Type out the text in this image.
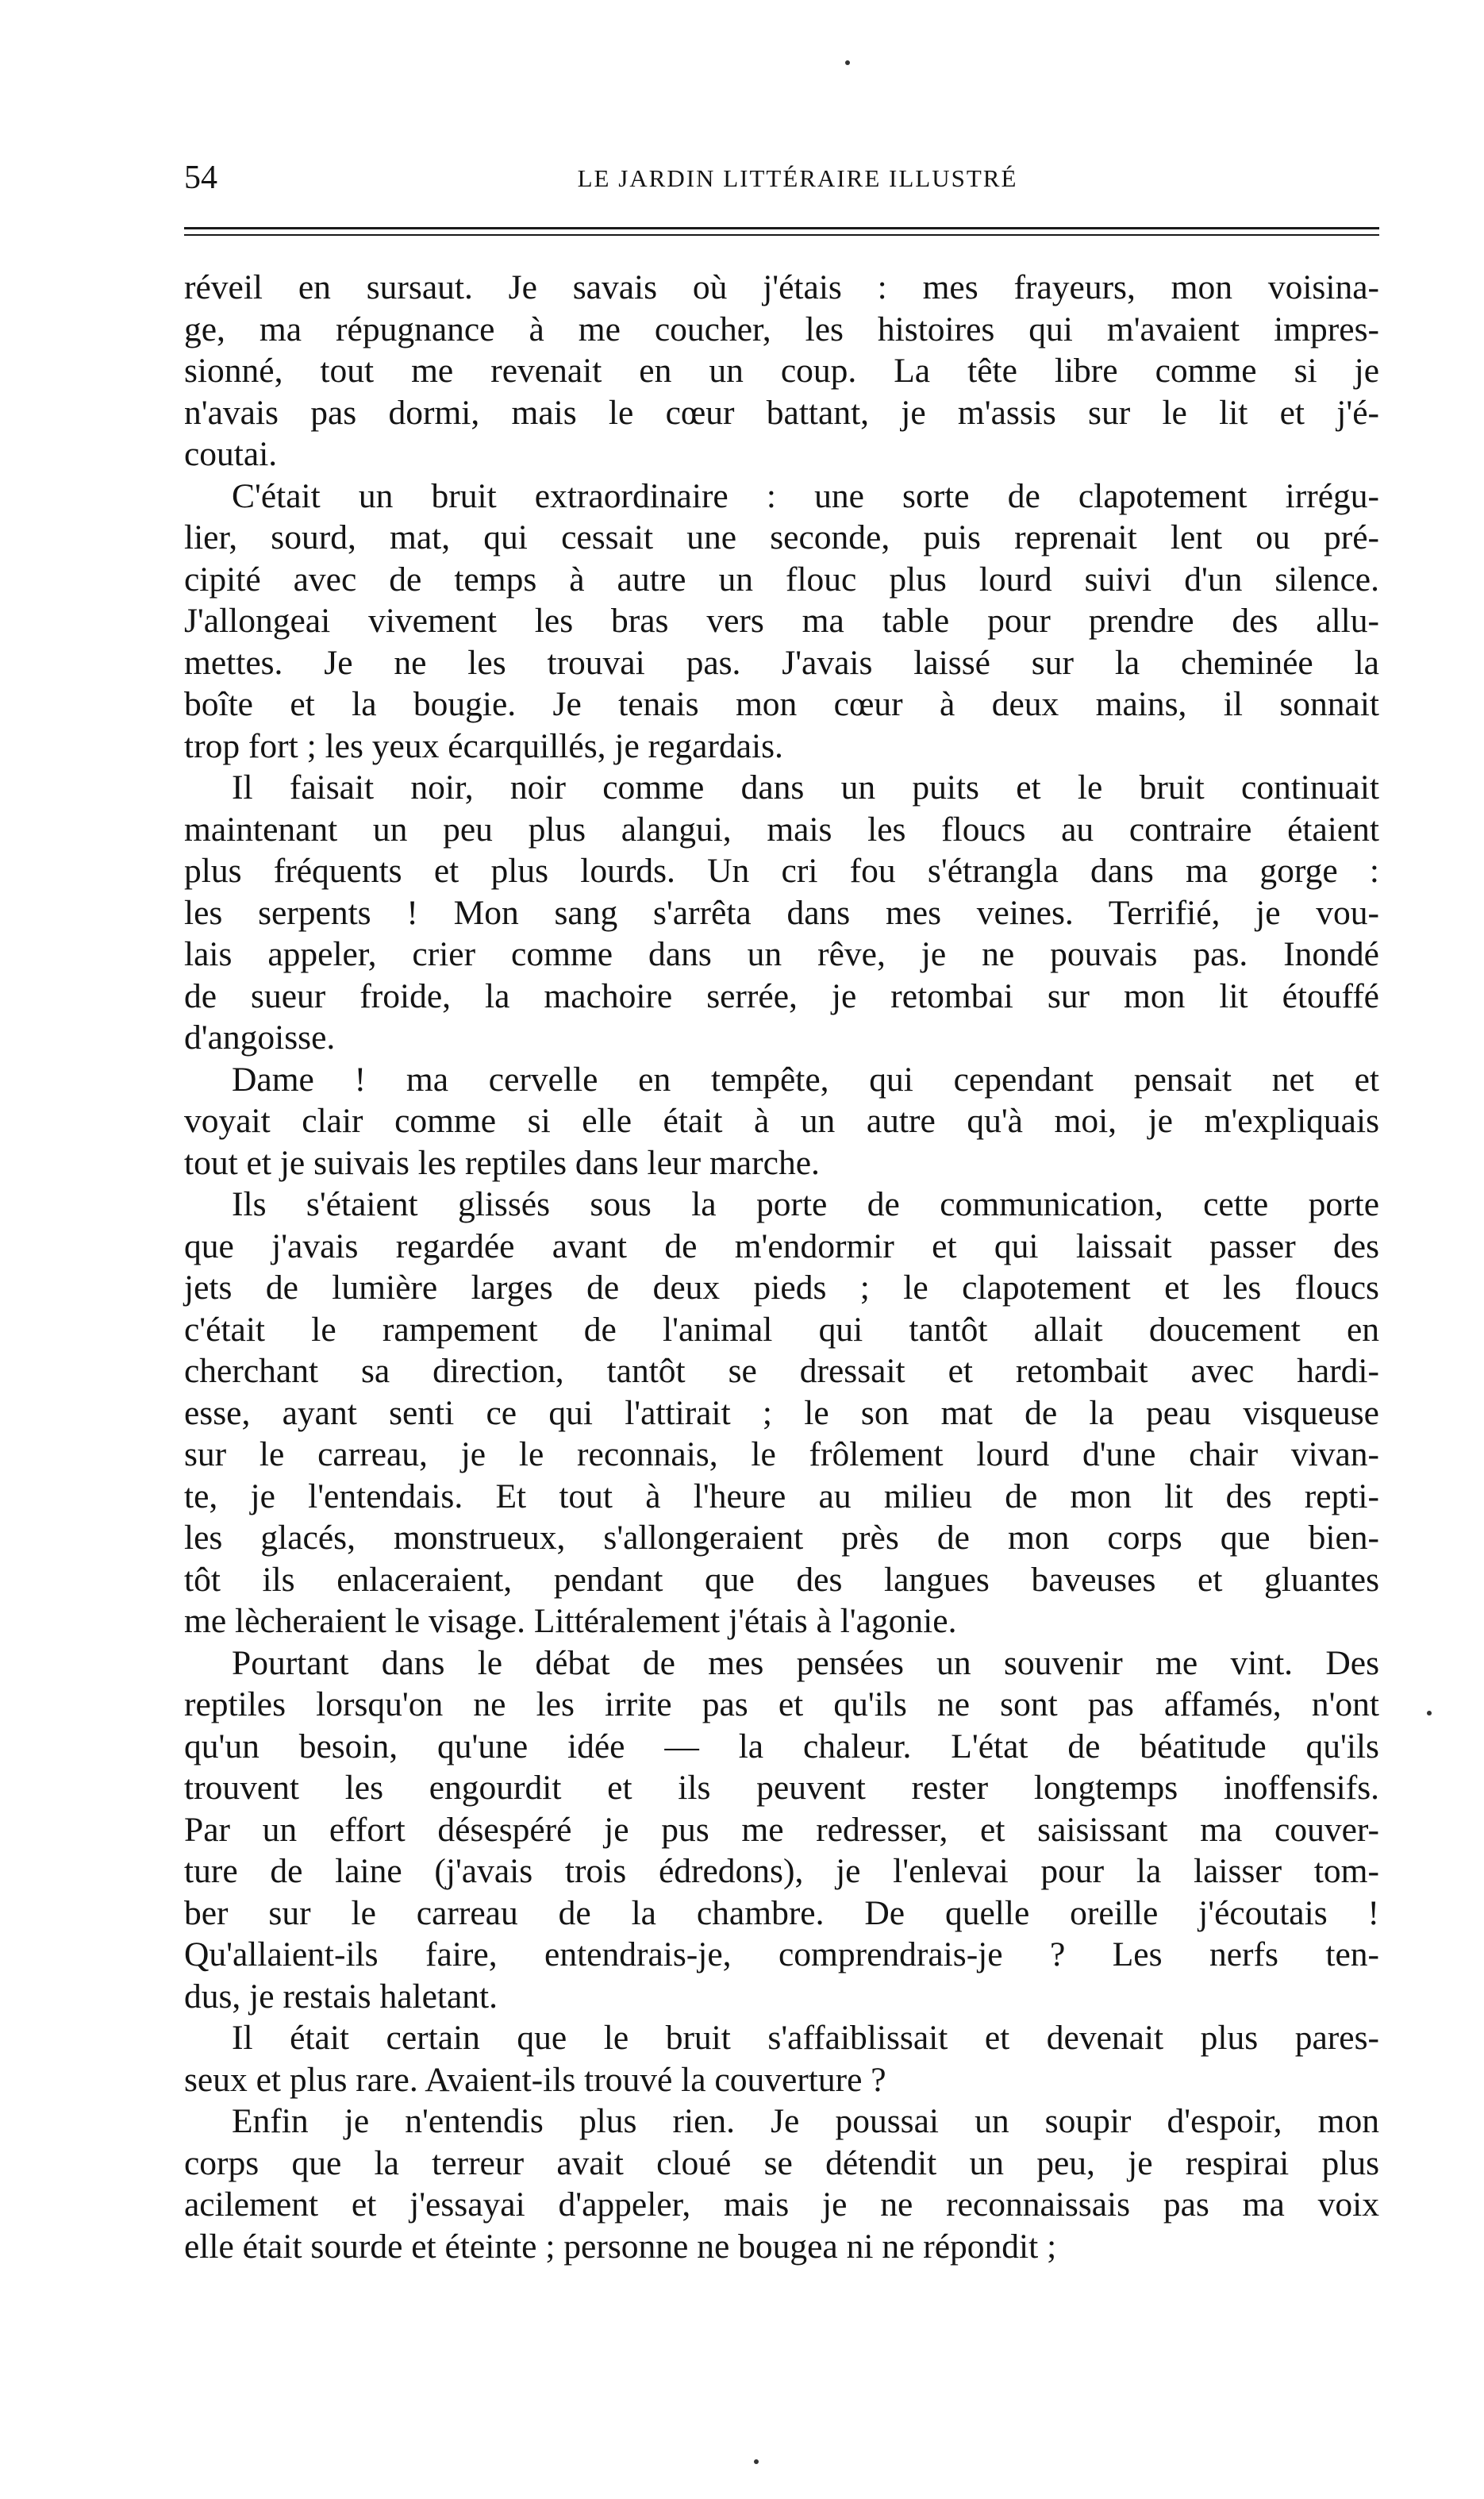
54	LE JARDIN LITTÉRAIRE ILLUSTRÉ
réveil en sursaut. Je savais où j'étais : mes frayeurs, mon voisina-
ge, ma répugnance à me coucher, les histoires qui m'avaient impres-
sionné, tout me revenait en un coup. La tête libre comme si je
n'avais pas dormi, mais le cœur battant, je m'assis sur le lit et j'é-
coutai.
C'était un bruit extraordinaire : une sorte de clapotement irrégu-
lier, sourd, mat, qui cessait une seconde, puis reprenait lent ou pré-
cipité avec de temps à autre un flouc plus lourd suivi d'un silence.
J'allongeai vivement les bras vers ma table pour prendre des allu-
mettes. Je ne les trouvai pas. J'avais laissé sur la cheminée la
boîte et la bougie. Je tenais mon cœur à deux mains, il sonnait
trop fort ; les yeux écarquillés, je regardais.
Il faisait noir, noir comme dans un puits et le bruit continuait
maintenant un peu plus alangui, mais les floucs au contraire étaient
plus fréquents et plus lourds. Un cri fou s'étrangla dans ma gorge :
les serpents ! Mon sang s'arrêta dans mes veines. Terrifié, je vou-
lais appeler, crier comme dans un rêve, je ne pouvais pas. Inondé
de sueur froide, la machoire serrée, je retombai sur mon lit étouffé
d'angoisse.
Dame ! ma cervelle en tempête, qui cependant pensait net et
voyait clair comme si elle était à un autre qu'à moi, je m'expliquais
tout et je suivais les reptiles dans leur marche.
Ils s'étaient glissés sous la porte de communication, cette porte
que j'avais regardée avant de m'endormir et qui laissait passer des
jets de lumière larges de deux pieds ; le clapotement et les floucs
c'était le rampement de l'animal qui tantôt allait doucement en
cherchant sa direction, tantôt se dressait et retombait avec hardi-
esse, ayant senti ce qui l'attirait ; le son mat de la peau visqueuse
sur le carreau, je le reconnais, le frôlement lourd d'une chair vivan-
te, je l'entendais. Et tout à l'heure au milieu de mon lit des repti-
les glacés, monstrueux, s'allongeraient près de mon corps que bien-
tôt ils enlaceraient, pendant que des langues baveuses et gluantes
me lècheraient le visage. Littéralement j'étais à l'agonie.
Pourtant dans le débat de mes pensées un souvenir me vint. Des
reptiles lorsqu'on ne les irrite pas et qu'ils ne sont pas affamés, n'ont
qu'un besoin, qu'une idée — la chaleur. L'état de béatitude qu'ils
trouvent les engourdit et ils peuvent rester longtemps inoffensifs.
Par un effort désespéré je pus me redresser, et saisissant ma couver-
ture de laine (j'avais trois édredons), je l'enlevai pour la laisser tom-
ber sur le carreau de la chambre. De quelle oreille j'écoutais !
Qu'allaient-ils faire, entendrais-je, comprendrais-je ? Les nerfs ten-
dus, je restais haletant.
Il était certain que le bruit s'affaiblissait et devenait plus pares-
seux et plus rare. Avaient-ils trouvé la couverture ?
Enfin je n'entendis plus rien. Je poussai un soupir d'espoir, mon
corps que la terreur avait cloué se détendit un peu, je respirai plus
acilement et j'essayai d'appeler, mais je ne reconnaissais pas ma voix
elle était sourde et éteinte ; personne ne bougea ni ne répondit ;
